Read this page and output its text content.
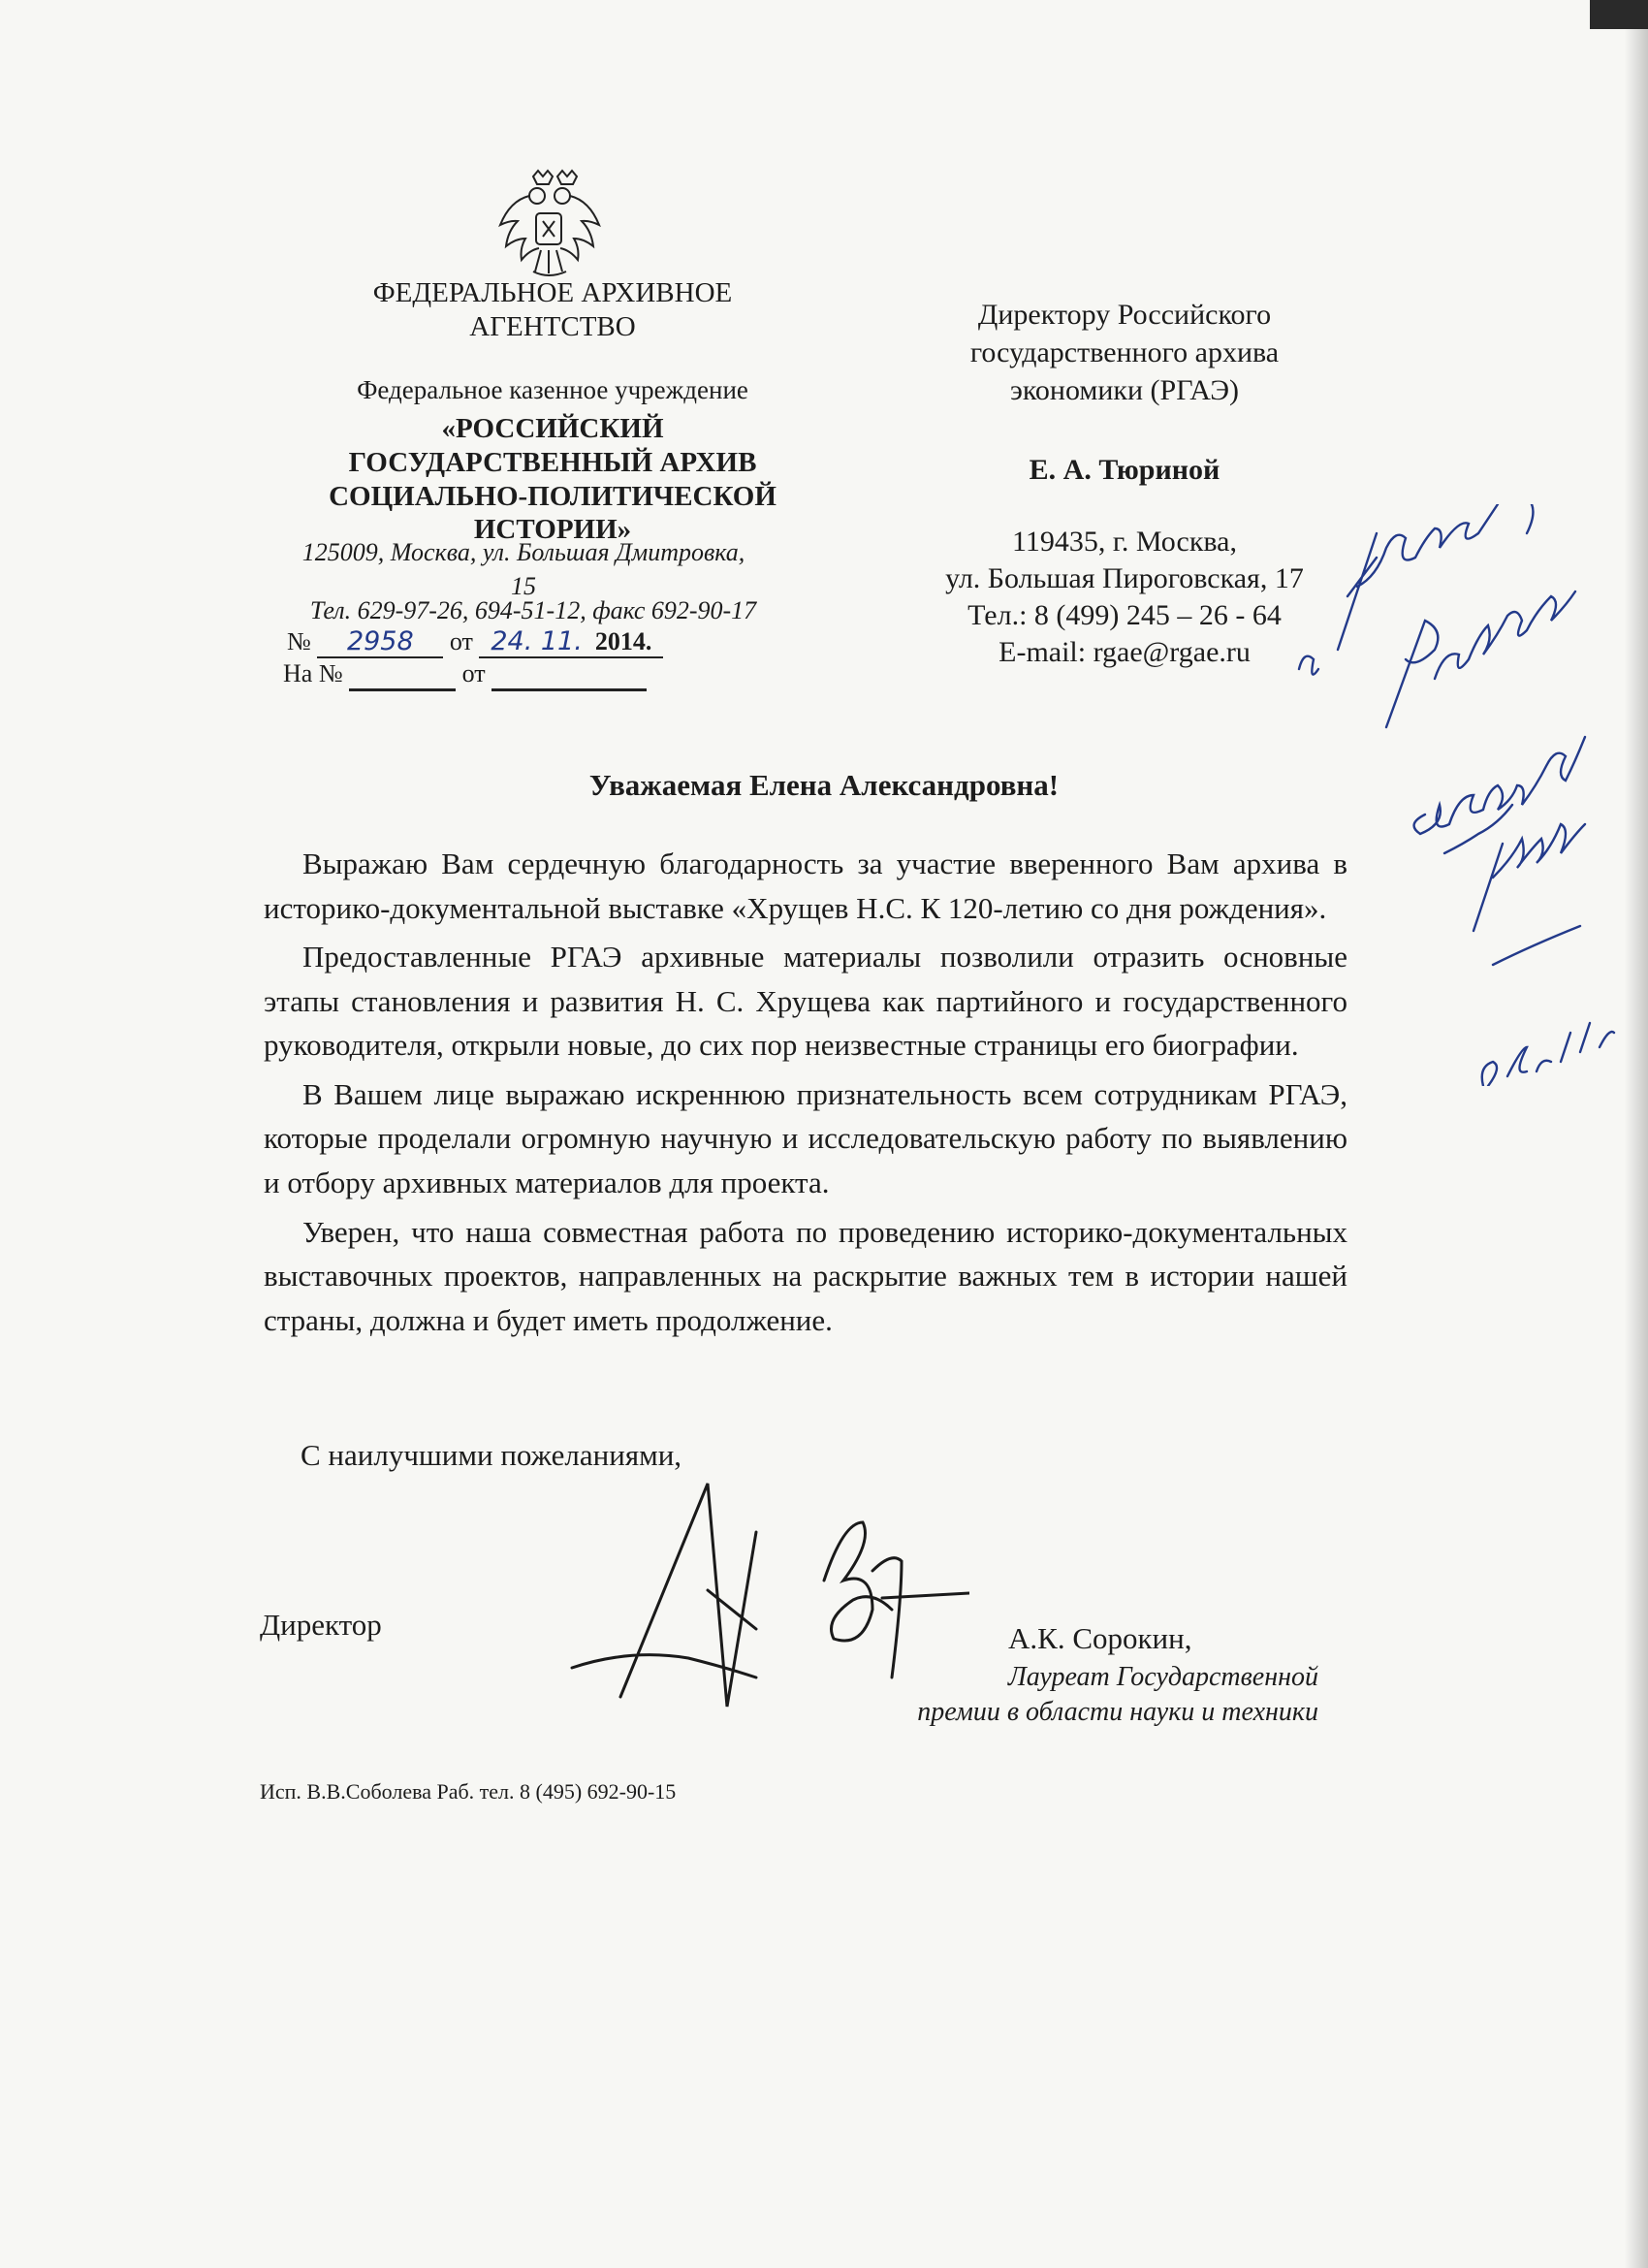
ФЕДЕРАЛЬНОЕ АРХИВНОЕ
АГЕНТСТВО
Федеральное казенное учреждение
«РОССИЙСКИЙ
ГОСУДАРСТВЕННЫЙ АРХИВ
СОЦИАЛЬНО-ПОЛИТИЧЕСКОЙ
ИСТОРИИ»
125009, Москва, ул. Большая Дмитровка,
15
Тел. 629-97-26, 694-51-12, факс 692-90-17
№ 2958 от 24. 11. 2014.
На №	от
Директору Российского
государственного архива
экономики (РГАЭ)
Е. А. Тюриной
119435, г. Москва,
ул. Большая Пироговская, 17
Тел.: 8 (499) 245 – 26 - 64
E-mail: rgae@rgae.ru
Уважаемая Елена Александровна!

Выражаю Вам сердечную благодарность за участие вверенного Вам архива в историко-документальной выставке «Хрущев Н.С. К 120-летию со дня рождения».

Предоставленные РГАЭ архивные материалы позволили отразить основные этапы становления и развития Н. С. Хрущева как партийного и государственного руководителя, открыли новые, до сих пор неизвестные страницы его биографии.

В Вашем лице выражаю искреннюю признательность всем сотрудникам РГАЭ, которые проделали огромную научную и исследовательскую работу по выявлению и отбору архивных материалов для проекта.

Уверен, что наша совместная работа по проведению историко-документальных выставочных проектов, направленных на раскрытие важных тем в истории нашей страны, должна и будет иметь продолжение.

С наилучшими пожеланиями,
Директор	А.К. Сорокин,
Лауреат Государственной
премии в области науки и техники
Исп. В.В.Соболева Раб. тел. 8 (495) 692-90-15
